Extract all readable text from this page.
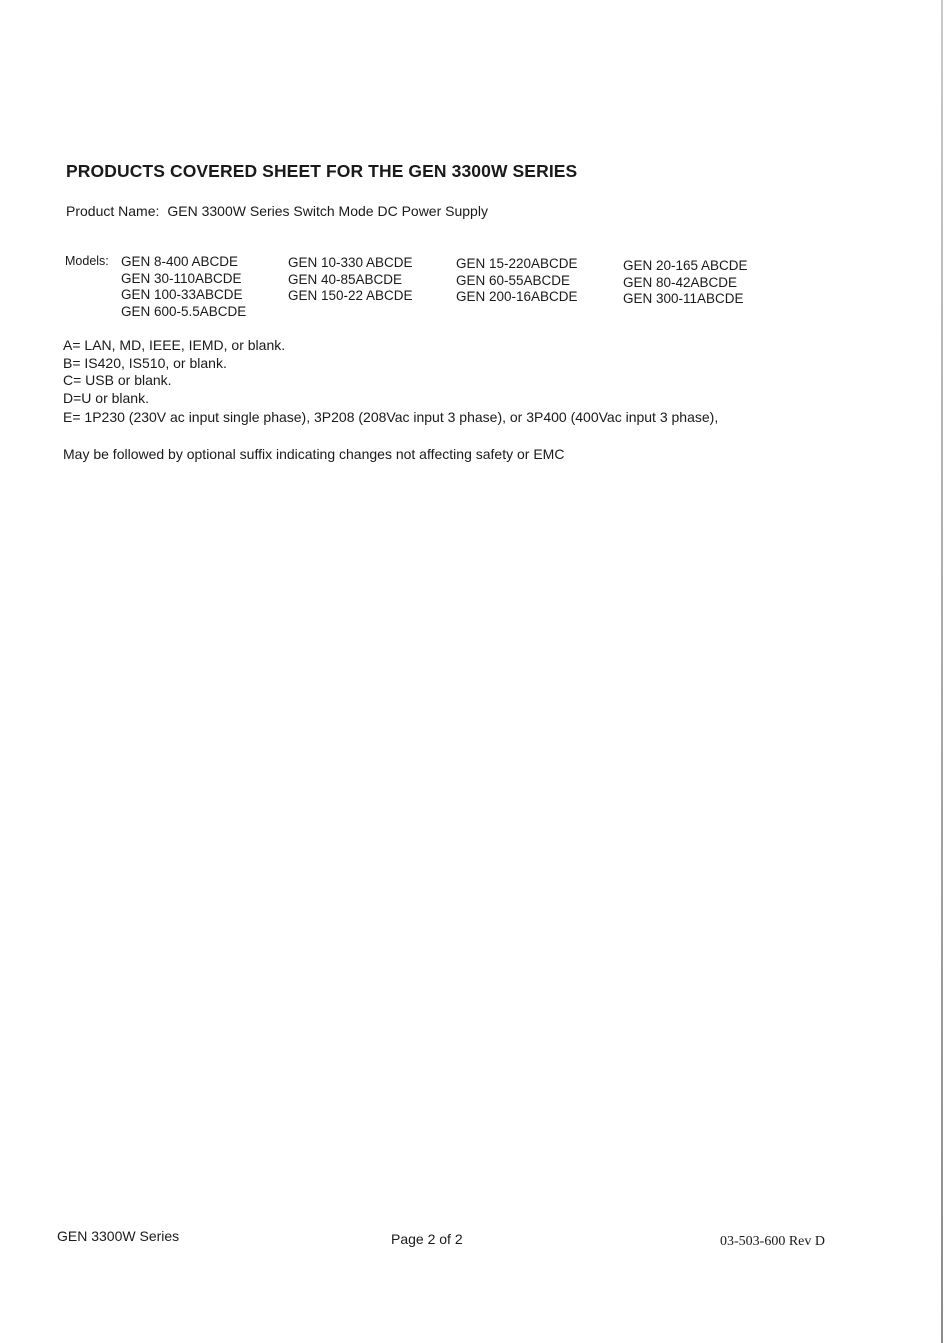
PRODUCTS COVERED SHEET FOR THE GEN 3300W SERIES
Product Name: GEN 3300W Series Switch Mode DC Power Supply
Models: GEN 8-400 ABCDE
GEN 30-110ABCDE
GEN 100-33ABCDE
GEN 600-5.5ABCDE
GEN 10-330 ABCDE
GEN 40-85ABCDE
GEN 150-22 ABCDE
GEN 15-220ABCDE
GEN 60-55ABCDE
GEN 200-16ABCDE
GEN 20-165 ABCDE
GEN 80-42ABCDE
GEN 300-11ABCDE
A= LAN, MD, IEEE, IEMD, or blank.
B= IS420, IS510, or blank.
C= USB or blank.
D=U or blank.
E= 1P230 (230V ac input single phase), 3P208 (208Vac input 3 phase), or 3P400 (400Vac input 3 phase),
May be followed by optional suffix indicating changes not affecting safety or EMC
GEN 3300W Series	Page 2 of 2	03-503-600 Rev D
